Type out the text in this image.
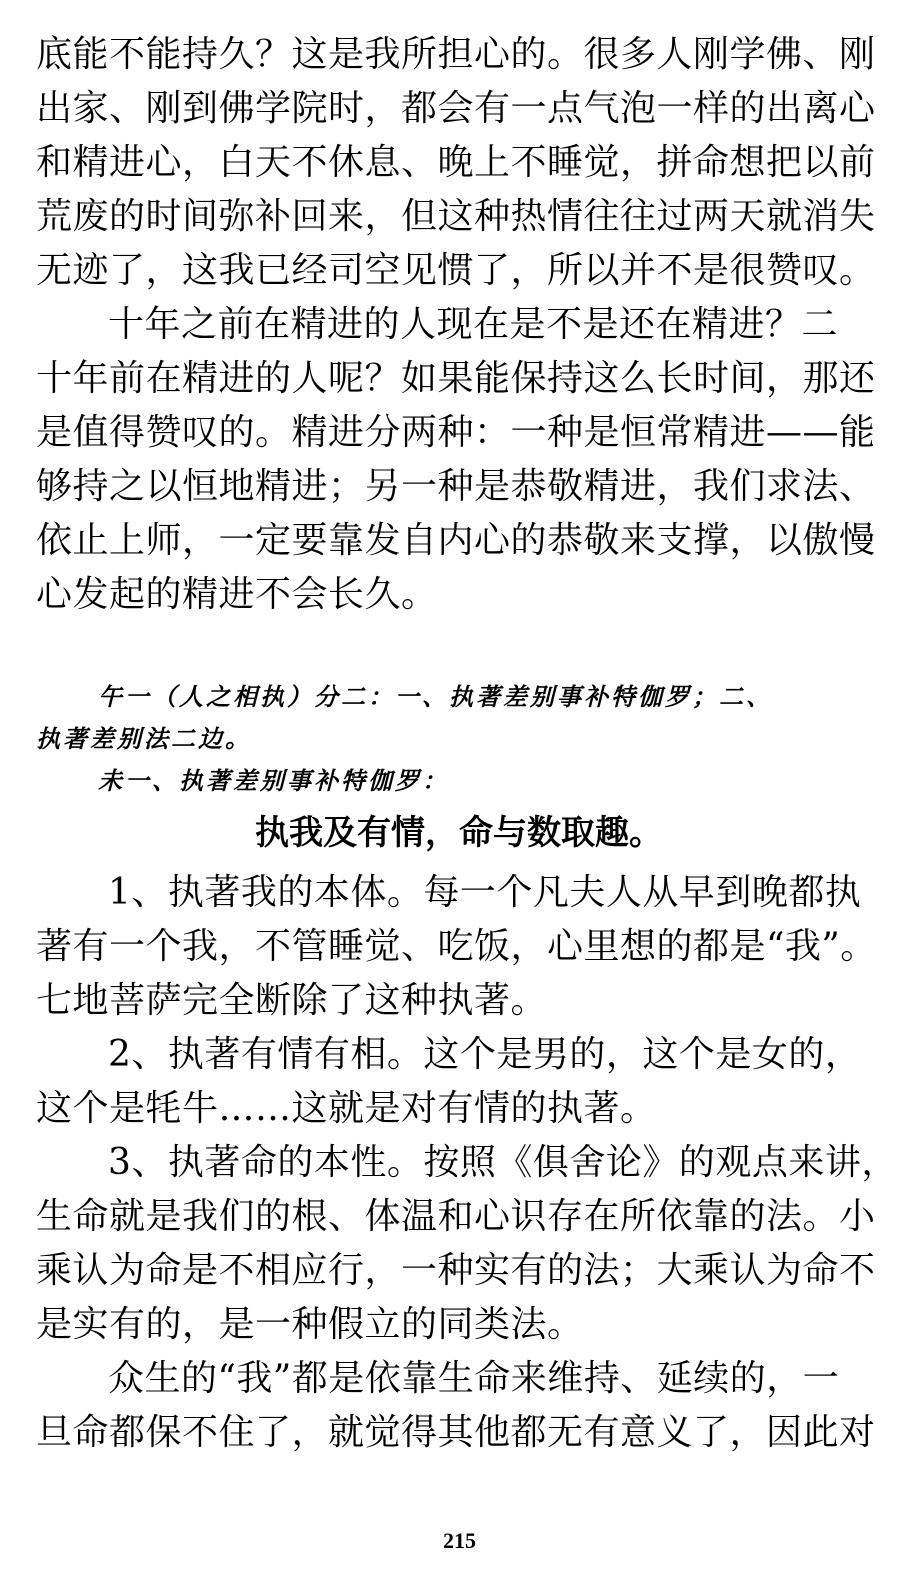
底能不能持久？这是我所担心的。很多人刚学佛、刚
出家、刚到佛学院时，都会有一点气泡一样的出离心
和精进心，白天不休息、晚上不睡觉，拼命想把以前
荒废的时间弥补回来，但这种热情往往过两天就消失
无迹了，这我已经司空见惯了，所以并不是很赞叹。
十年之前在精进的人现在是不是还在精进？二
十年前在精进的人呢？如果能保持这么长时间，那还
是值得赞叹的。精进分两种：一种是恒常精进——能
够持之以恒地精进；另一种是恭敬精进，我们求法、
依止上师，一定要靠发自内心的恭敬来支撑，以傲慢
心发起的精进不会长久。
午一（人之相执）分二：一、执著差别事补特伽罗；二、
执著差别法二边。
未一、执著差别事补特伽罗：
执我及有情，命与数取趣。
1、执著我的本体。每一个凡夫人从早到晚都执
著有一个我，不管睡觉、吃饭，心里想的都是“我”。
七地菩萨完全断除了这种执著。
2、执著有情有相。这个是男的，这个是女的，
这个是牦牛……这就是对有情的执著。
3、执著命的本性。按照《俱舍论》的观点来讲，
生命就是我们的根、体温和心识存在所依靠的法。小
乘认为命是不相应行，一种实有的法；大乘认为命不
是实有的，是一种假立的同类法。
众生的“我”都是依靠生命来维持、延续的，一
旦命都保不住了，就觉得其他都无有意义了，因此对
215
